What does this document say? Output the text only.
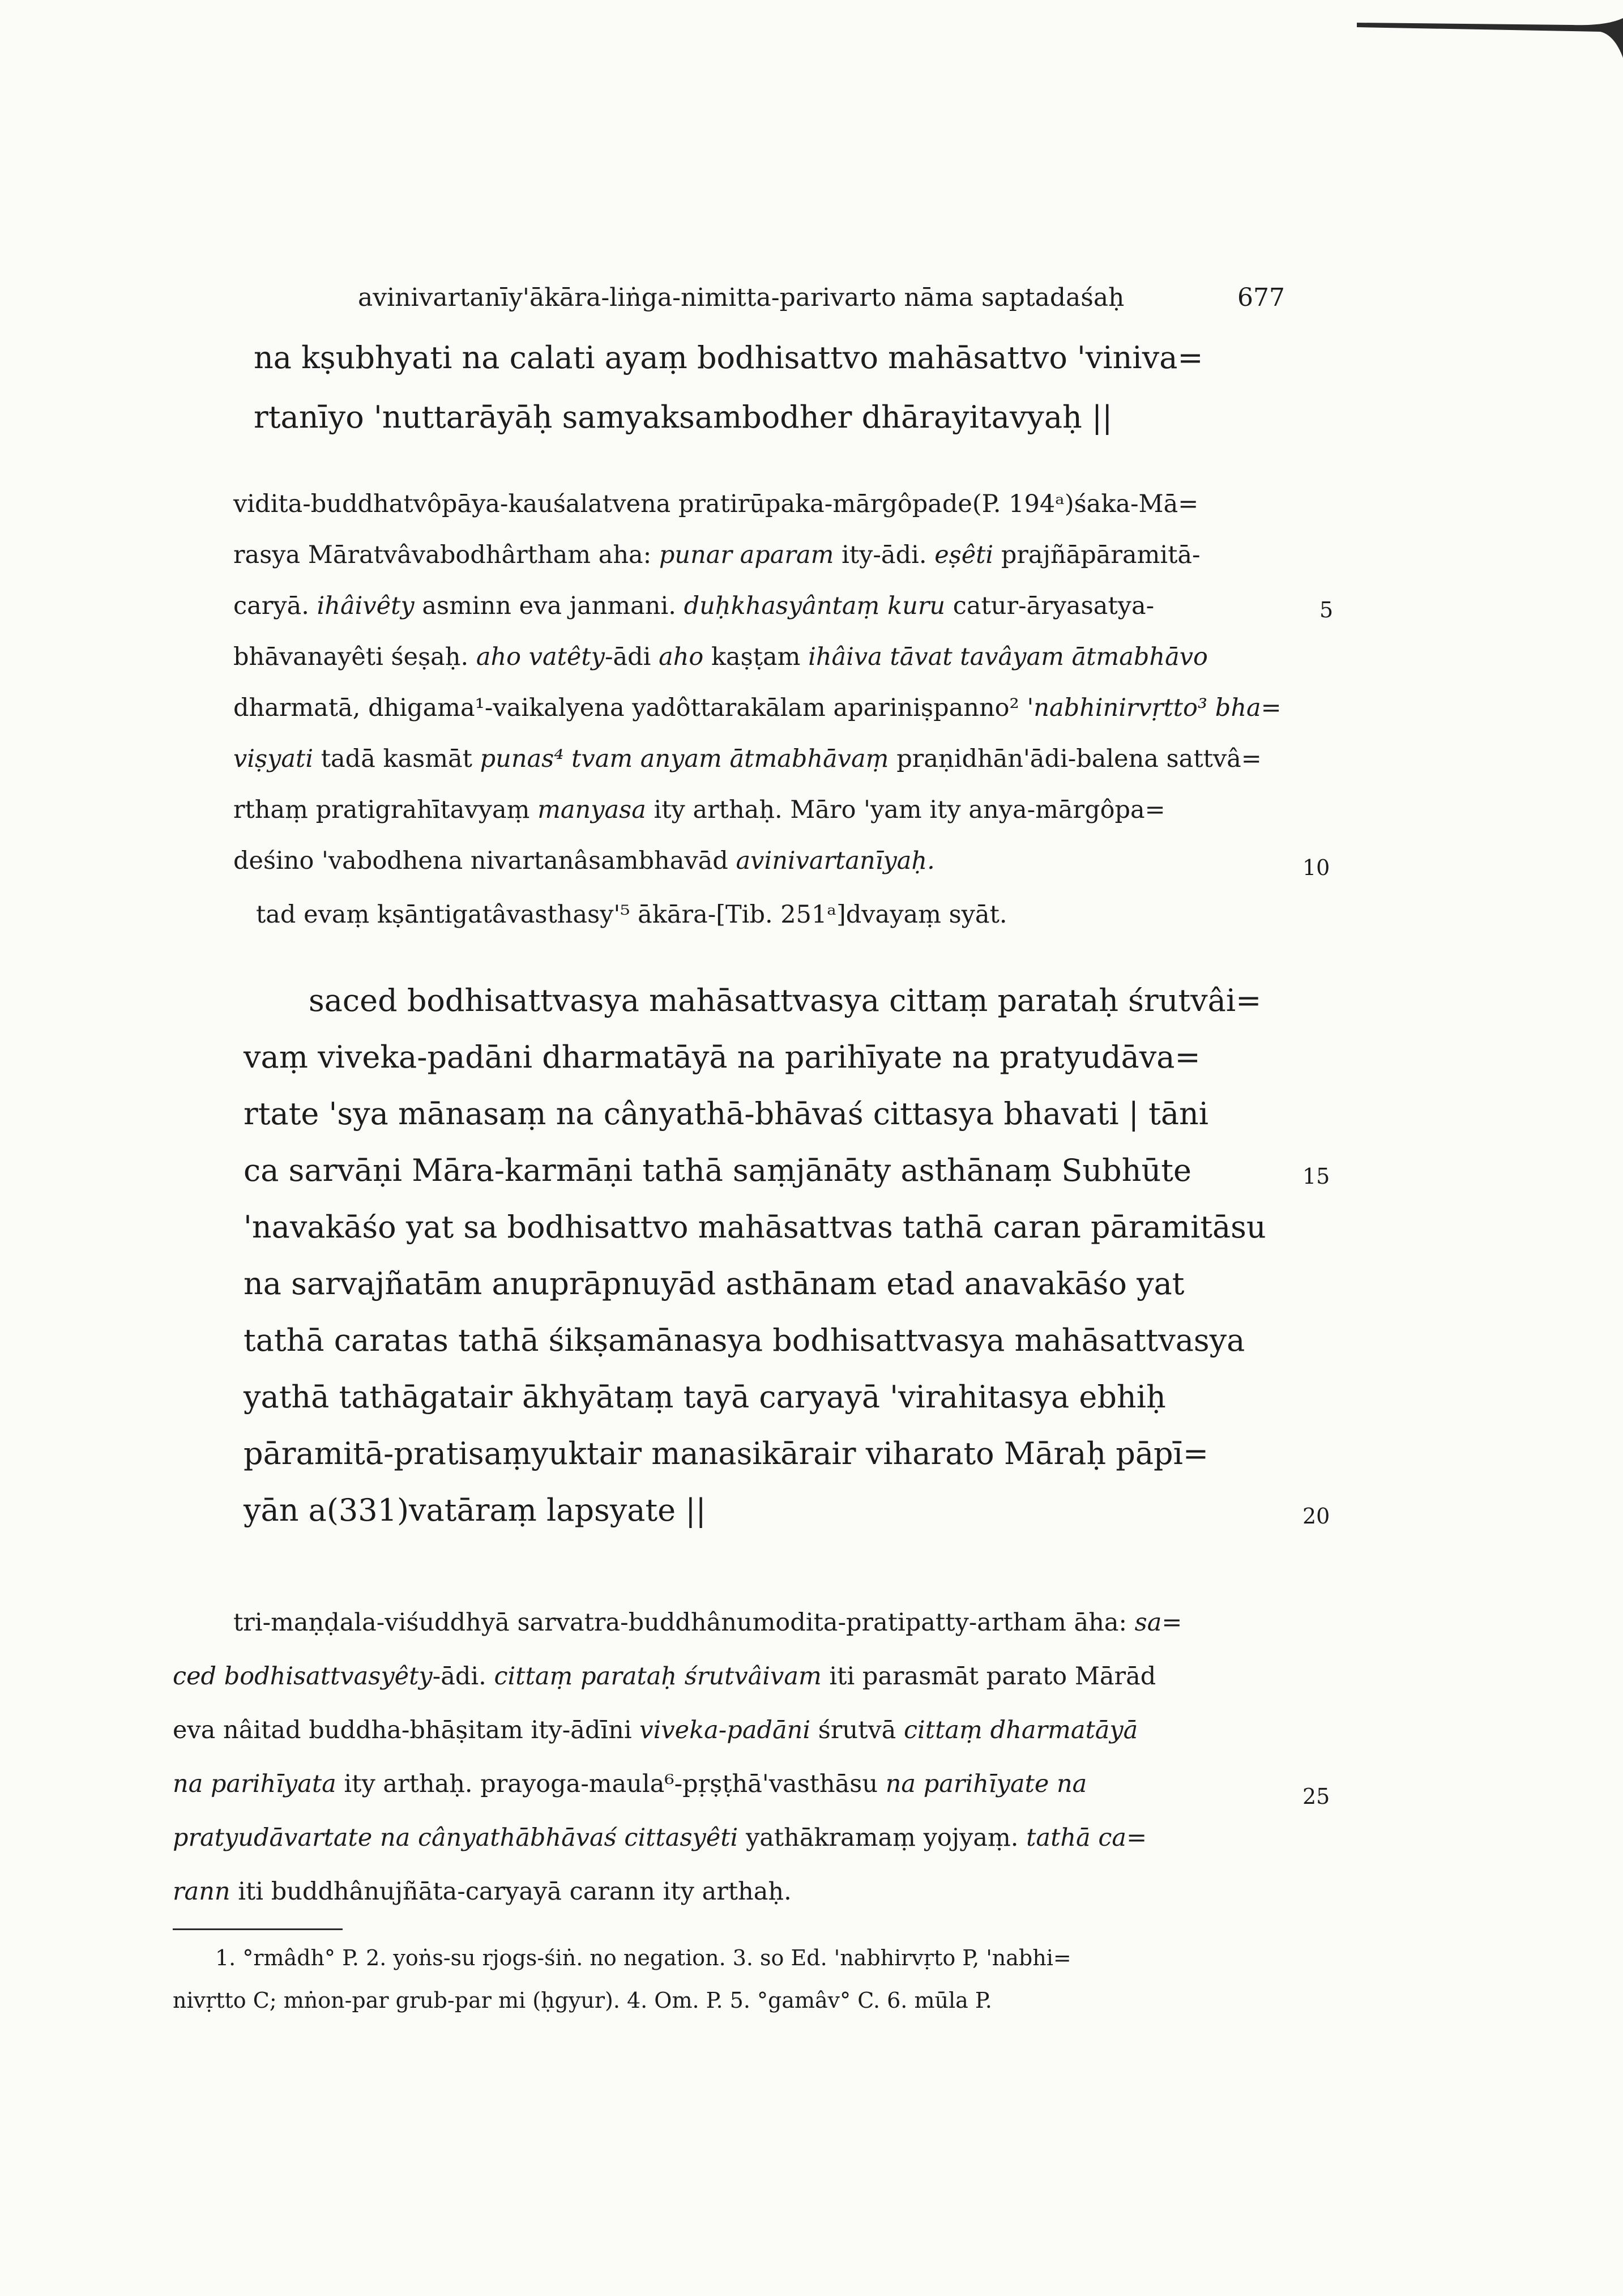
avinivartanīy'ākāra-liṅga-nimitta-parivarto nāma saptadaśaḥ	677
na kṣubhyati na calati ayaṃ bodhisattvo mahāsattvo 'viniva=
rtanīyo 'nuttarāyāḥ samyaksambodher dhārayitavyaḥ ||
vidita-buddhatvôpāya-kauśalatvena pratirūpaka-mārgôpade(P. 194ᵃ)śaka-Mā=
rasya Māratvâvabodhârtham aha: punar aparam ity-ādi. eṣêti prajñāpāramitā-
caryā. ihâivêty asminn eva janmani. duḥkhasyântaṃ kuru catur-āryasatya-
bhāvanayêti śeṣaḥ. aho vatêty-ādi aho kaṣṭam ihâiva tāvat tavâyam ātmabhāvo
dharmatā, dhigama¹-vaikalyena yadôttarakālam apariniṣpanno² 'nabhinirvṛtto³ bha=
viṣyati tadā kasmāt punas⁴ tvam anyam ātmabhāvaṃ praṇidhān'ādi-balena sattvâ=
rthaṃ pratigrahītavyaṃ manyasa ity arthaḥ. Māro 'yam ity anya-mārgôpa=
deśino 'vabodhena nivartanâsambhavād avinivartanīyaḥ.
tad evaṃ kṣāntigatâvasthasy'⁵ ākāra-[Tib. 251ᵃ]dvayaṃ syāt.
saced bodhisattvasya mahāsattvasya cittaṃ parataḥ śrutvâi=
vaṃ viveka-padāni dharmatāyā na parihīyate na pratyudāva=
rtate 'sya mānasaṃ na cânyathā-bhāvaś cittasya bhavati | tāni
ca sarvāṇi Māra-karmāṇi tathā saṃjānāty asthānaṃ Subhūte
'navakāśo yat sa bodhisattvo mahāsattvas tathā caran pāramitāsu
na sarvajñatām anuprāpnuyād asthānam etad anavakāśo yat
tathā caratas tathā śikṣamānasya bodhisattvasya mahāsattvasya
yathā tathāgatair ākhyātaṃ tayā caryayā 'virahitasya ebhiḥ
pāramitā-pratisaṃyuktair manasikārair viharato Māraḥ pāpī=
yān a(331)vatāraṃ lapsyate ||
tri-maṇḍala-viśuddhyā sarvatra-buddhânumodita-pratipatty-artham āha: sa=
ced bodhisattvasyêty-ādi. cittaṃ parataḥ śrutvâivam iti parasmāt parato Mārād
eva nâitad buddha-bhāṣitam ity-ādīni viveka-padāni śrutvā cittaṃ dharmatāyā
na parihīyata ity arthaḥ. prayoga-maula⁶-pṛṣṭhā'vasthāsu na parihīyate na
pratyudāvartate na cânyathābhāvaś cittasyêti yathākramaṃ yojyaṃ. tathā ca=
rann iti buddhânujñāta-caryayā carann ity arthaḥ.
1. °rmâdh° P. 2. yoṅs-su rjogs-śiṅ. no negation. 3. so Ed. 'nabhirvṛto P, 'nabhi=
nivṛtto C; mṅon-par grub-par mi (ḥgyur). 4. Om. P. 5. °gamâv° C. 6. mūla P.
5
10
15
20
25
